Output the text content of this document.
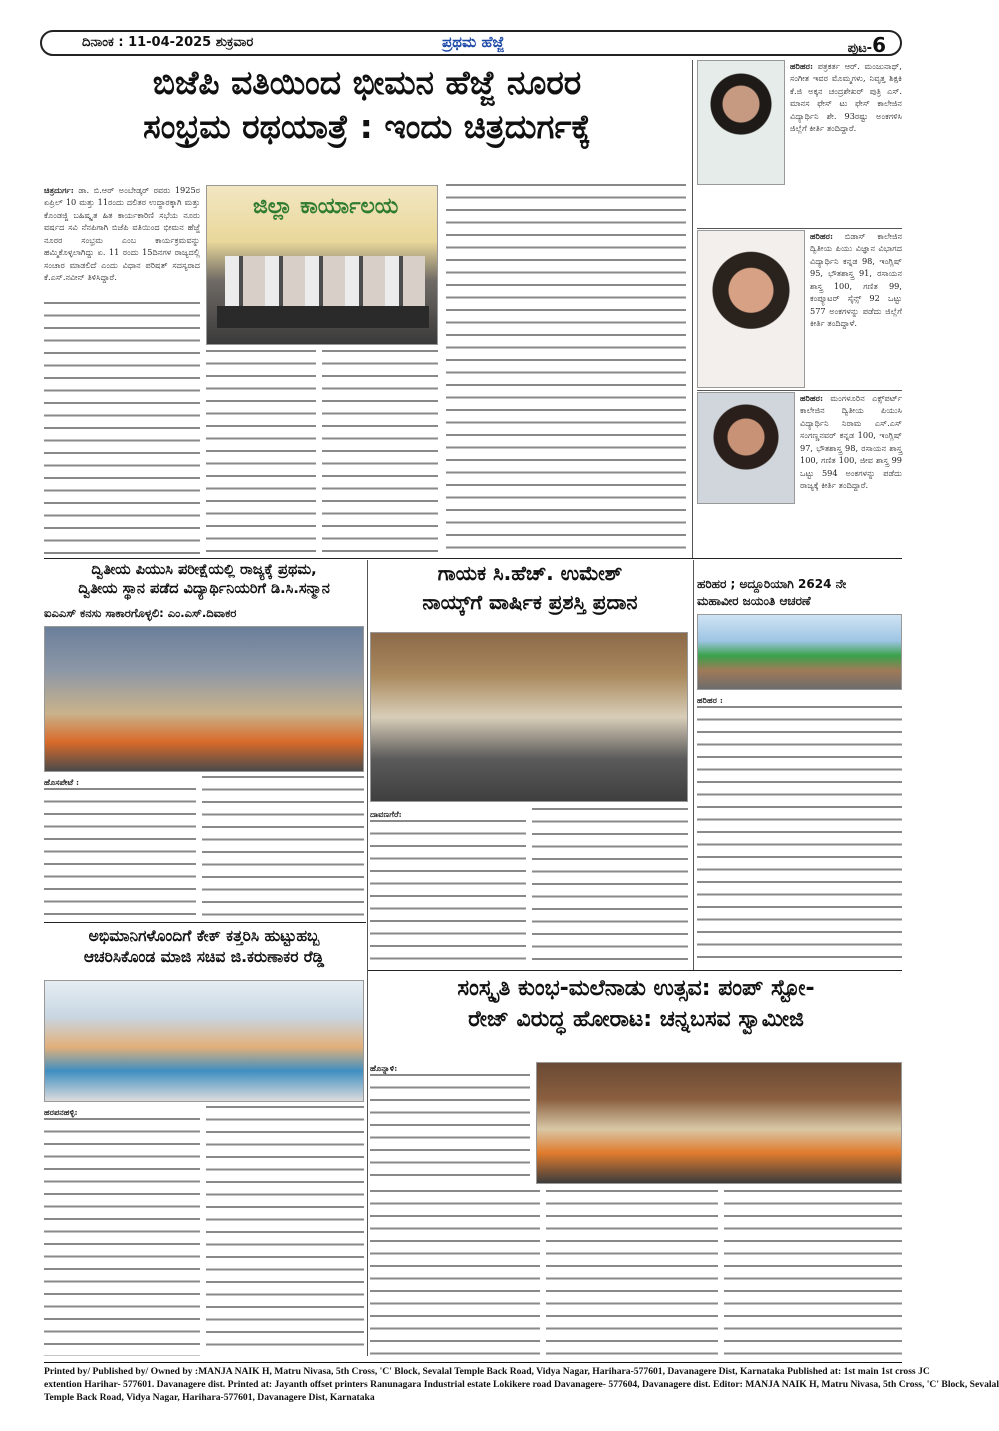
ದಿನಾಂಕ : 11-04-2025 ಶುಕ್ರವಾರ	ಪ್ರಥಮ ಹೆಜ್ಜೆ	ಪುಟ-6
ಬಿಜೆಪಿ ವತಿಯಿಂದ ಭೀಮನ ಹೆಜ್ಜೆ ನೂರರ
ಸಂಭ್ರಮ ರಥಯಾತ್ರೆ : ಇಂದು ಚಿತ್ರದುರ್ಗಕ್ಕೆ
ಚಿತ್ರದುರ್ಗ: ಡಾ. ಬಿ.ಆರ್ ಅಂಬೇಡ್ಕರ್ ರವರು 1925ರ ಏಪ್ರಿಲ್ 10 ಮತ್ತು 11ರಂದು ದಲಿತರ ಉದ್ಧಾರಕ್ಕಾಗಿ ಮತ್ತು ಕೊಂಡಜ್ಜಿ ಬಹಿಷ್ಕೃತ ಹಿತ ಕಾರ್ಯಕಾರಿಣಿ ಸಭೆಯ ನೂರು ವರ್ಷದ ಸವಿ ನೆನಪಿಗಾಗಿ ಬಿಜೆಪಿ ವತಿಯಿಂದ ಭೀಮನ ಹೆಜ್ಜೆ ನೂರರ ಸಂಭ್ರಮ ಎಂಬ ಕಾರ್ಯಕ್ರಮವನ್ನು ಹಮ್ಮಿಕೊಳ್ಳಲಾಗಿದ್ದು ಏ. 11 ರಂದು 15ದಿನಗಳ ರಾಜ್ಯದಲ್ಲಿ ಸಂಚಾರ ಮಾಡಲಿದೆ ಎಂದು ವಿಧಾನ ಪರಿಷತ್ ಸದಸ್ಯರಾದ ಕೆ.ಎಸ್.ನವೀನ್ ತಿಳಿಸಿದ್ದಾರೆ.
ಜಿಲ್ಲಾ ಕಾರ್ಯಾಲಯ
ಹರಿಹರ: ಪತ್ರಕರ್ತ ಆರ್. ಮಂಜುನಾಥ್, ಸಂಗೀತ ಇವರ ಮೊಮ್ಮಗಳು, ನಿವೃತ್ತ ಶಿಕ್ಷಕಿ ಕೆ.ಜಿ ಅಕ್ಕನ ಚಂದ್ರಶೇಖರ್ ಪುತ್ರಿ ಎಸ್. ಮಾನಸ ಫೇಸ್ ಟು ಫೇಸ್ ಕಾಲೇಜಿನ ವಿದ್ಯಾರ್ಥಿನಿ ಶೇ. 93ರಷ್ಟು ಅಂಕಗಳಿಸಿ ಜಿಲ್ಲೆಗೆ ಕೀರ್ತಿ ತಂದಿದ್ದಾರೆ.
ಹರಿಹರ: ಬಿಡಾಸ್ ಕಾಲೇಜಿನ ದ್ವಿತೀಯ ಪಿಯು ವಿಜ್ಞಾನ ವಿಭಾಗದ ವಿದ್ಯಾರ್ಥಿನಿ ಕನ್ನಡ 98, ಇಂಗ್ಲಿಷ್ 95, ಭೌತಶಾಸ್ತ್ರ 91, ರಸಾಯನ ಶಾಸ್ತ್ರ 100, ಗಣಿತ 99, ಕಂಪ್ಯೂಟರ್ ಸೈನ್ಸ್ 92 ಒಟ್ಟು 577 ಅಂಕಗಳನ್ನು ಪಡೆದು ಜಿಲ್ಲೆಗೆ ಕೀರ್ತಿ ತಂದಿದ್ದಾಳೆ.
ಹರಿಹರ: ಮಂಗಳೂರಿನ ಎಕ್ಸ್‌ಪರ್ಟ್ ಕಾಲೇಜಿನ ದ್ವಿತೀಯ ಪಿಯುಸಿ ವಿದ್ಯಾರ್ಥಿನಿ ನಿರಾಮ ಎಸ್.ಎಸ್ ಸಂಗಣ್ಣನವರ್ ಕನ್ನಡ 100, ಇಂಗ್ಲಿಷ್ 97, ಭೌತಶಾಸ್ತ್ರ 98, ರಸಾಯನ ಶಾಸ್ತ್ರ 100, ಗಣಿತ 100, ಜೀವ ಶಾಸ್ತ್ರ 99 ಒಟ್ಟು 594 ಅಂಕಗಳನ್ನು ಪಡೆದು ರಾಜ್ಯಕ್ಕೆ ಕೀರ್ತಿ ತಂದಿದ್ದಾರೆ.
ದ್ವಿತೀಯ ಪಿಯುಸಿ ಪರೀಕ್ಷೆಯಲ್ಲಿ ರಾಜ್ಯಕ್ಕೆ ಪ್ರಥಮ,
ದ್ವಿತೀಯ ಸ್ಥಾನ ಪಡೆದ ವಿದ್ಯಾರ್ಥಿನಿಯರಿಗೆ ಡಿ.ಸಿ.ಸನ್ಮಾನ
ಐಎಎಸ್ ಕನಸು ಸಾಕಾರಗೊಳ್ಳಲಿ: ಎಂ.ಎಸ್.ದಿವಾಕರ
ಹೊಸಪೇಟೆ :
ಗಾಯಕ ಸಿ.ಹೆಚ್. ಉಮೇಶ್
ನಾಯ್ಕ್‌ಗೆ ವಾರ್ಷಿಕ ಪ್ರಶಸ್ತಿ ಪ್ರದಾನ
ದಾವಣಗೆರೆ:
ಹರಿಹರ ; ಅದ್ದೂರಿಯಾಗಿ 2624 ನೇ
ಮಹಾವೀರ ಜಯಂತಿ ಆಚರಣೆ
ಹರಿಹರ :
ಅಭಿಮಾನಿಗಳೊಂದಿಗೆ ಕೇಕ್ ಕತ್ತರಿಸಿ ಹುಟ್ಟುಹಬ್ಬ
ಆಚರಿಸಿಕೊಂಡ ಮಾಜಿ ಸಚಿವ ಜಿ.ಕರುಣಾಕರ ರೆಡ್ಡಿ
ಹರಪನಹಳ್ಳಿ:
ಸಂಸ್ಕೃತಿ ಕುಂಭ-ಮಲೆನಾಡು ಉತ್ಸವ: ಪಂಪ್ ಸ್ಟೋ-
ರೇಜ್ ವಿರುದ್ಧ ಹೋರಾಟ: ಚನ್ನಬಸವ ಸ್ವಾಮೀಜಿ
ಹೊನ್ನಾಳಿ:
Printed by/ Published by/ Owned by :MANJA NAIK H, Matru Nivasa, 5th Cross, 'C' Block, Sevalal Temple Back Road, Vidya Nagar, Harihara-577601, Davanagere Dist, Karnataka Published at: 1st main 1st cross JC
extention Harihar- 577601. Davanagere dist. Printed at: Jayanth offset printers Ranunagara Industrial estate Lokikere road Davanagere- 577604, Davanagere dist. Editor: MANJA NAIK H, Matru Nivasa, 5th Cross, 'C' Block, Sevalal
Temple Back Road, Vidya Nagar, Harihara-577601, Davanagere Dist, Karnataka
